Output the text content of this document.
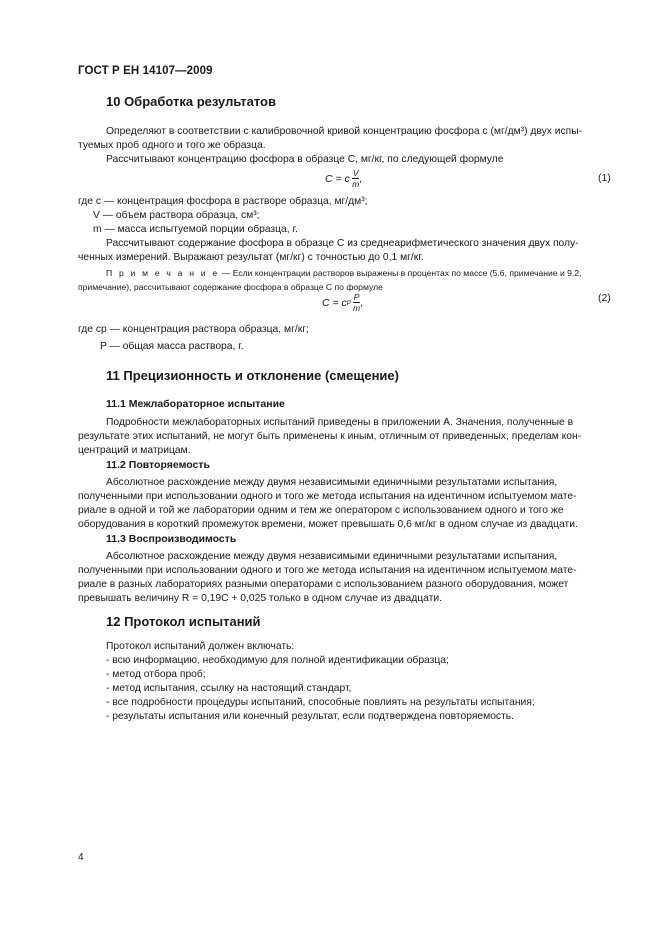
ГОСТ Р ЕН 14107—2009
10 Обработка результатов
Определяют в соответствии с калибровочной кривой концентрацию фосфора c (мг/дм³) двух испы-
туемых проб одного и того же образца.
Рассчитывают концентрацию фосфора в образце C, мг/кг, по следующей формуле
C = c $\frac{V}{m}$ ,	(1)
где c — концентрация фосфора в растворе образца, мг/дм³;
V — объем раствора образца, см³;
m — масса испытуемой порции образца, г.
Рассчитывают содержание фосфора в образце C из среднеарифметического значения двух полу-
ченных измерений. Выражают результат (мг/кг) с точностью до 0,1 мг/кг.
П р и м е ч а н и е — Если концентрации растворов выражены в процентах по массе (5.6, примечание и 9.2,
примечание), рассчитывают содержание фосфора в образце C по формуле
C = c p $\frac{P}{m}$ ,	(2)
где cp — концентрация раствора образца, мг/кг;
P — общая масса раствора, г.
11 Прецизионность и отклонение (смещение)
11.1 Межлабораторное испытание
Подробности межлабораторных испытаний приведены в приложении А. Значения, полученные в
результате этих испытаний, не могут быть применены к иным, отличным от приведенных, пределам кон-
центраций и матрицам.
11.2 Повторяемость
Абсолютное расхождение между двумя независимыми единичными результатами испытания,
полученными при использовании одного и того же метода испытания на идентичном испытуемом мате-
риале в одной и той же лаборатории одним и тем же оператором с использованием одного и того же
оборудования в короткий промежуток времени, может превышать 0,6 мг/кг в одном случае из двадцати.
11.3 Воспроизводимость
Абсолютное расхождение между двумя независимыми единичными результатами испытания,
полученными при использовании одного и того же метода испытания на идентичном испытуемом мате-
риале в разных лабораториях разными операторами с использованием разного оборудования, может
превышать величину R = 0,19C + 0,025 только в одном случае из двадцати.
12 Протокол испытаний
Протокол испытаний должен включать:
- всю информацию, необходимую для полной идентификации образца;
- метод отбора проб;
- метод испытания, ссылку на настоящий стандарт,
- все подробности процедуры испытаний, способные повлиять на результаты испытания;
- результаты испытания или конечный результат, если подтверждена повторяемость.
4
